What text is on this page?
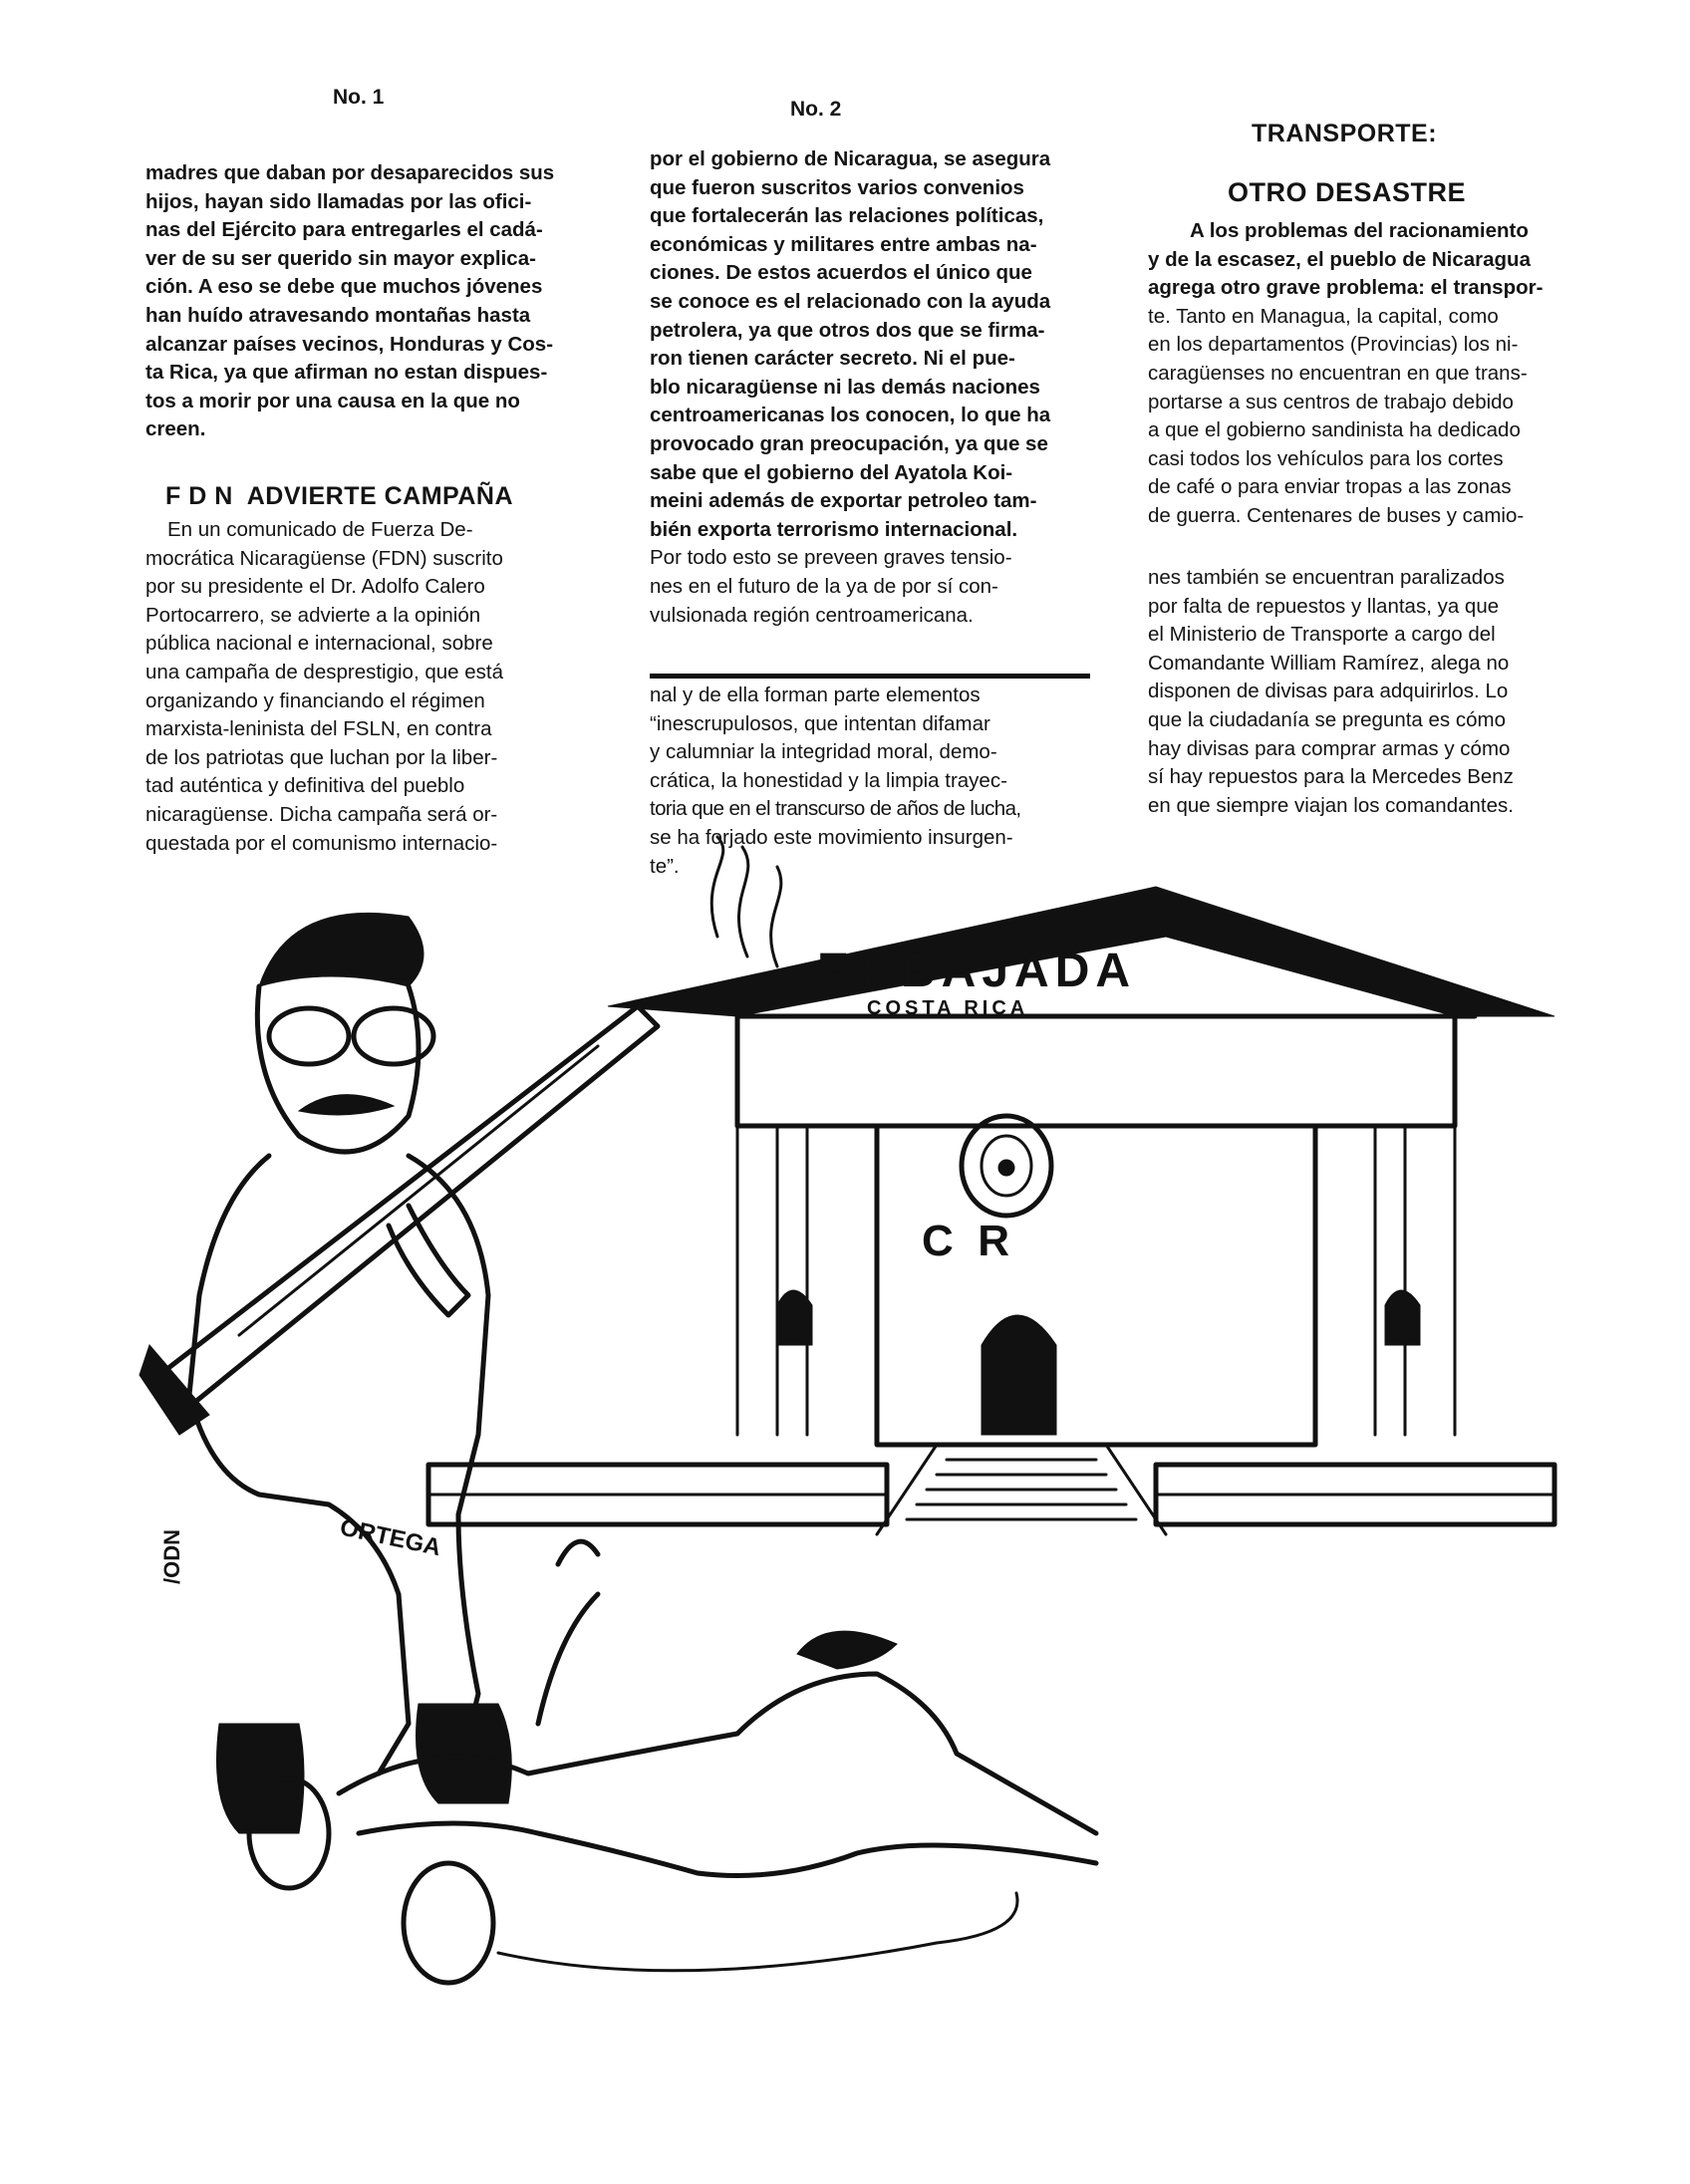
No. 1

madres que daban por desaparecidos sus

hijos, hayan sido llamadas por las ofici-

nas del Ejército para entregarles el cadá-

ver de su ser querido sin mayor explica-

ción. A eso se debe que muchos jóvenes

han huído atravesando montañas hasta

alcanzar países vecinos, Honduras y Cos-

ta Rica, ya que afirman no estan dispues-

tos a morir por una causa en la que no

creen.

F D N  ADVIERTE CAMPAÑA

En un comunicado de Fuerza De-

mocrática Nicaragüense (FDN) suscrito

por su presidente el Dr. Adolfo Calero

Portocarrero, se advierte a la opinión

pública nacional e internacional, sobre

una campaña de desprestigio, que está

organizando y financiando el régimen

marxista-leninista del FSLN, en contra

de los patriotas que luchan por la liber-

tad auténtica y definitiva del pueblo

nicaragüense. Dicha campaña será or-

questada por el comunismo internacio-

No. 2

por el gobierno de Nicaragua, se asegura

que fueron suscritos varios convenios

que fortalecerán las relaciones políticas,

económicas y militares entre ambas na-

ciones. De estos acuerdos el único que

se conoce es el relacionado con la ayuda

petrolera, ya que otros dos que se firma-

ron tienen carácter secreto. Ni el pue-

blo nicaragüense ni las demás naciones

centroamericanas los conocen, lo que ha

provocado gran preocupación, ya que se

sabe que el gobierno del Ayatola Koi-

meini además de exportar petroleo tam-

bién exporta terrorismo internacional.

Por todo esto se preveen graves tensio-

nes en el futuro de la ya de por sí con-

vulsionada región centroamericana.

nal y de ella forman parte elementos

“inescrupulosos, que intentan difamar

y calumniar la integridad moral, demo-

crática, la honestidad y la limpia trayec-

toria que en el transcurso de años de lucha,

se ha forjado este movimiento insurgen-

te”.

TRANSPORTE:
OTRO DESASTRE

A los problemas del racionamiento

y de la escasez, el pueblo de Nicaragua

agrega otro grave problema: el transpor-

te. Tanto en Managua, la capital, como

en los departamentos (Provincias) los ni-

caragüenses no encuentran en que trans-

portarse a sus centros de trabajo debido

a que el gobierno sandinista ha dedicado

casi todos los vehículos para los cortes

de café o para enviar tropas a las zonas

de guerra. Centenares de buses y camio-

nes también se encuentran paralizados

por falta de repuestos y llantas, ya que

el Ministerio de Transporte a cargo del

Comandante William Ramírez, alega no

disponen de divisas para adquirirlos. Lo

que la ciudadanía se pregunta es cómo

hay divisas para comprar armas y cómo

sí hay repuestos para la Mercedes Benz

en que siempre viajan los comandantes.

C  R
EMBAJADA
COSTA RICA
ORTEGA
/ODN
